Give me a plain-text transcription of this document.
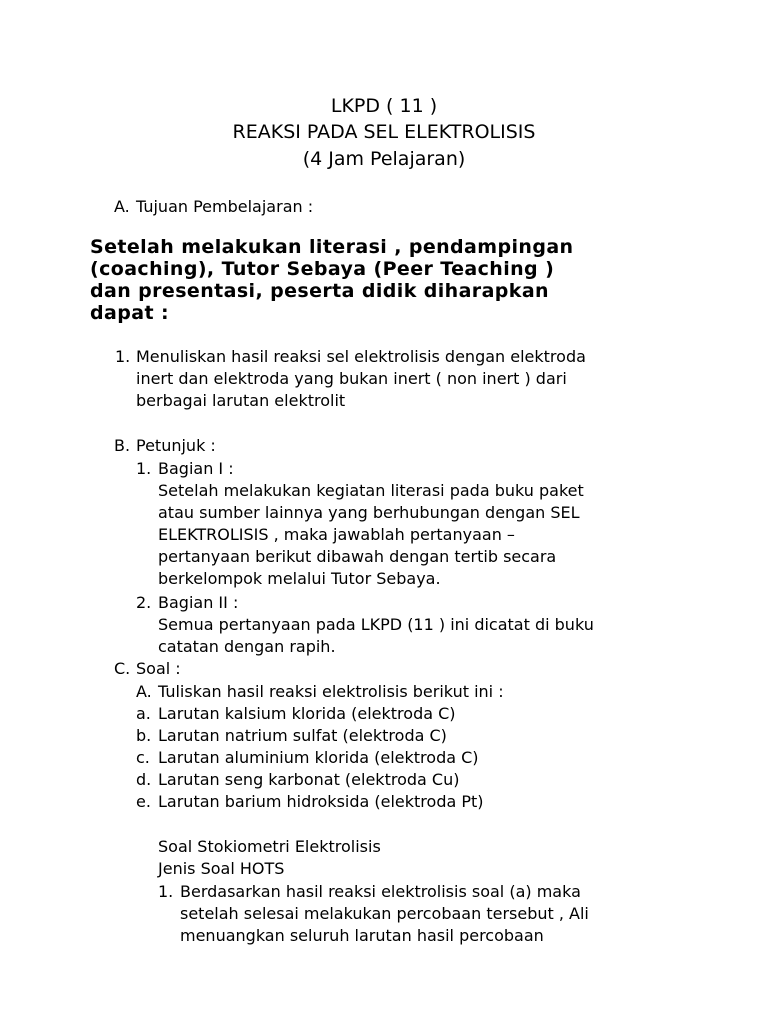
LKPD ( 11 )
REAKSI PADA SEL ELEKTROLISIS
(4 Jam Pelajaran)
A. Tujuan Pembelajaran :
Setelah melakukan literasi , pendampingan
(coaching), Tutor Sebaya (Peer Teaching )
dan presentasi, peserta didik diharapkan
dapat :
1. Menuliskan hasil reaksi sel elektrolisis dengan elektroda
inert dan elektroda yang bukan inert ( non inert ) dari
berbagai larutan elektrolit
B. Petunjuk :
1. Bagian I :
Setelah melakukan kegiatan literasi pada buku paket
atau sumber lainnya yang berhubungan dengan SEL
ELEKTROLISIS , maka jawablah pertanyaan –
pertanyaan berikut dibawah dengan tertib secara
berkelompok melalui Tutor Sebaya.
2. Bagian II :
Semua pertanyaan pada LKPD (11 ) ini dicatat di buku
catatan dengan rapih.
C. Soal :
A. Tuliskan hasil reaksi elektrolisis berikut ini :
a. Larutan kalsium klorida (elektroda C)
b. Larutan natrium sulfat (elektroda C)
c. Larutan aluminium klorida (elektroda C)
d. Larutan seng karbonat (elektroda Cu)
e. Larutan barium hidroksida (elektroda Pt)
Soal Stokiometri Elektrolisis
Jenis Soal HOTS
1. Berdasarkan hasil reaksi elektrolisis soal (a) maka
setelah selesai melakukan percobaan tersebut , Ali
menuangkan seluruh larutan hasil percobaan
